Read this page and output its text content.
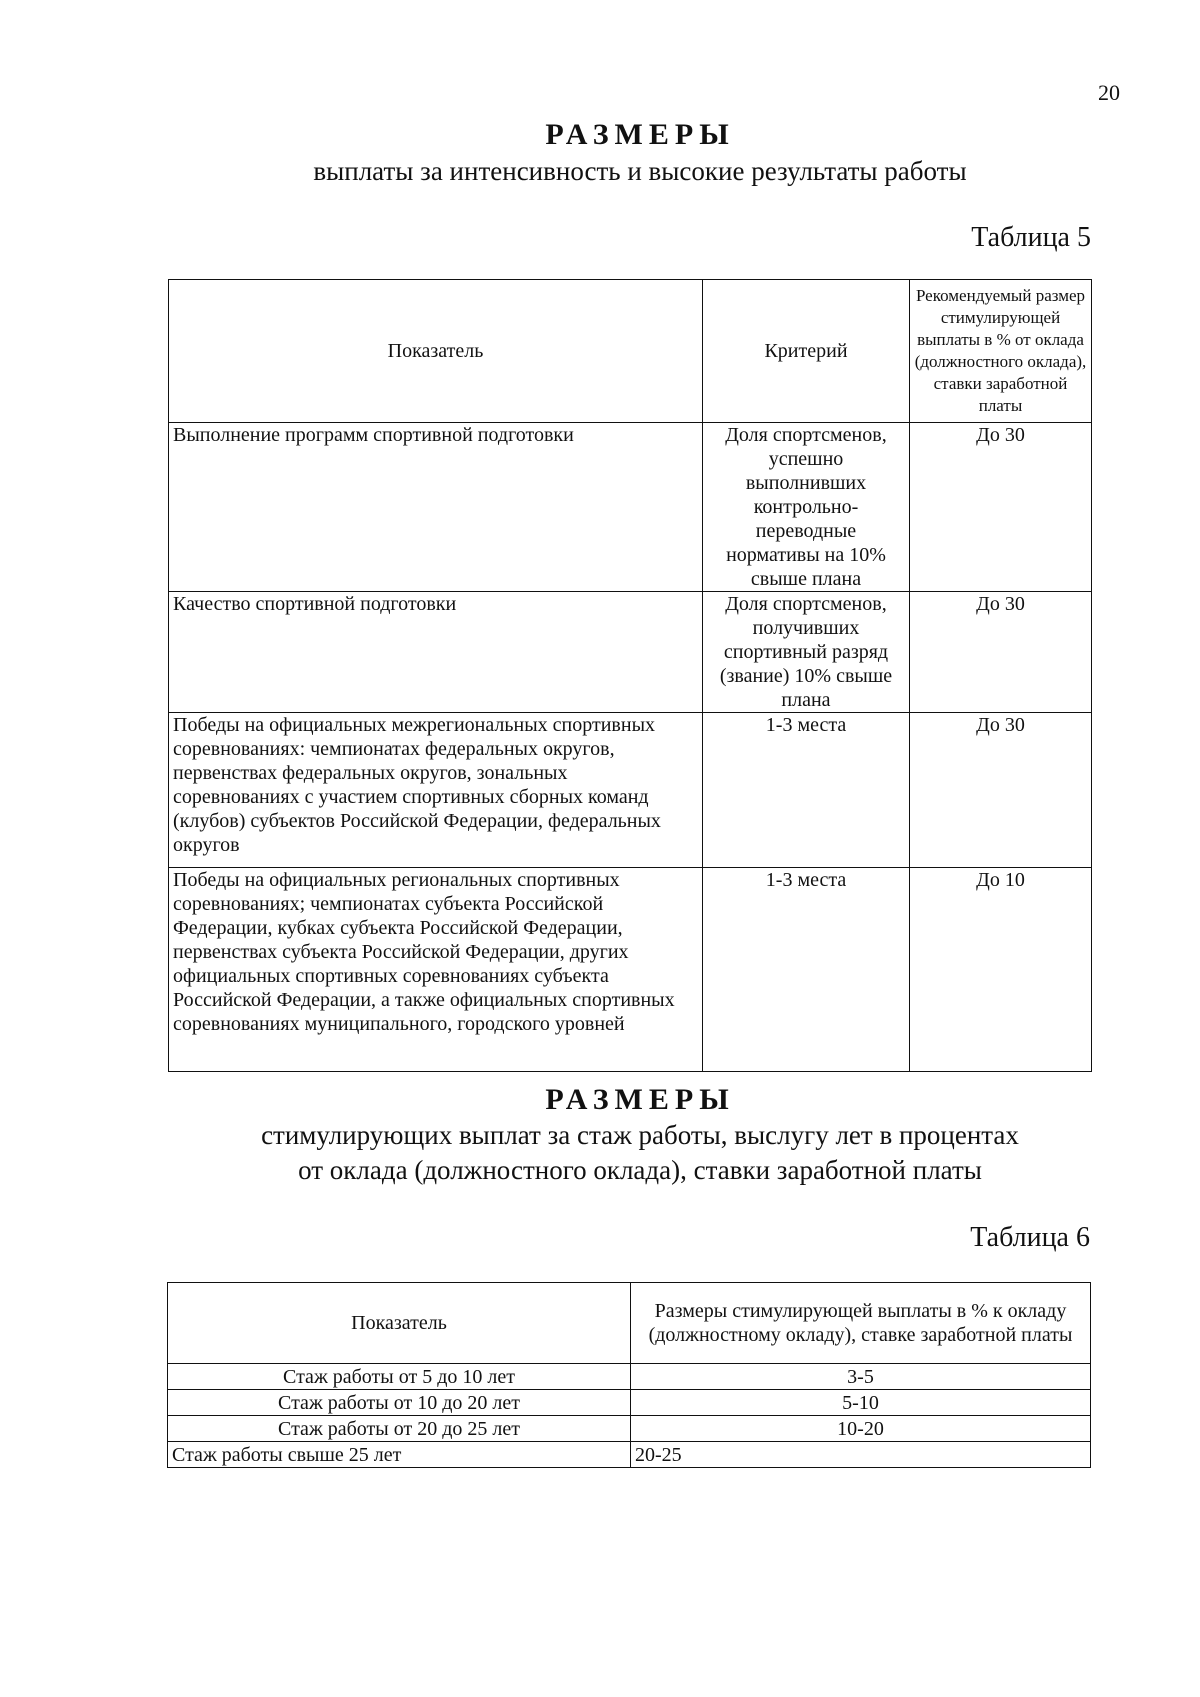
20
РАЗМЕРЫ
выплаты за интенсивность и высокие результаты работы
Таблица 5
Показатель	Критерий	Рекомендуемый размер стимулирующей выплаты в % от оклада (должностного оклада), ставки заработной платы
Выполнение программ спортивной подготовки	Доля спортсменов, успешно выполнивших контрольно-переводные нормативы на 10% свыше плана	До 30
Качество спортивной подготовки	Доля спортсменов, получивших спортивный разряд (звание) 10% свыше плана	До 30
Победы на официальных межрегиональных спортивных соревнованиях: чемпионатах федеральных округов, первенствах федеральных округов, зональных соревнованиях с участием спортивных сборных команд (клубов) субъектов Российской Федерации, федеральных округов	1-3 места	До 30
Победы на официальных региональных спортивных соревнованиях; чемпионатах субъекта Российской Федерации, кубках субъекта Российской Федерации, первенствах субъекта Российской Федерации, других официальных спортивных соревнованиях субъекта Российской Федерации, а также официальных спортивных соревнованиях муниципального, городского уровней	1-3 места	До 10
РАЗМЕРЫ
стимулирующих выплат за стаж работы, выслугу лет в процентах
от оклада (должностного оклада), ставки заработной платы
Таблица 6
Показатель	Размеры стимулирующей выплаты в % к окладу (должностному окладу), ставке заработной платы
Стаж работы от 5 до 10 лет	3-5
Стаж работы от 10 до 20 лет	5-10
Стаж работы от 20 до 25 лет	10-20
Стаж работы свыше 25 лет	20-25
